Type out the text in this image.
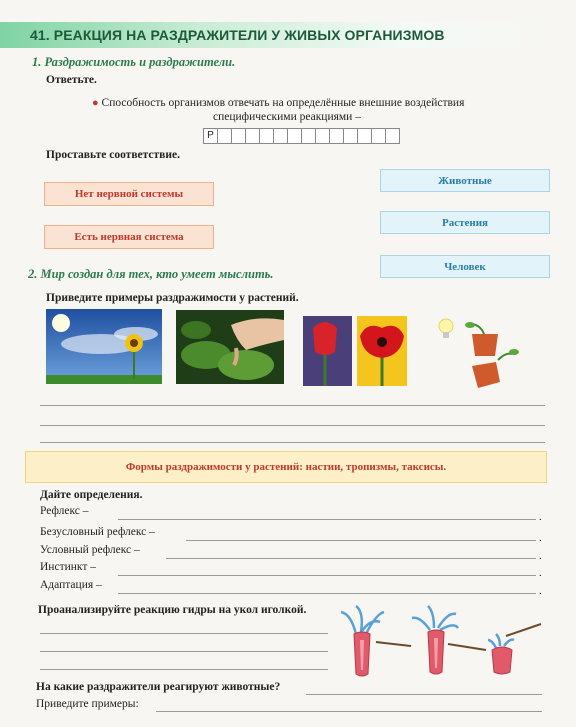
41. РЕАКЦИЯ НА РАЗДРАЖИТЕЛИ У ЖИВЫХ ОРГАНИЗМОВ
1. Раздражимость и раздражители.
Ответьте.
● Способность организмов отвечать на определённые внешние воздействия
специфическими реакциями –
Р
Проставьте соответствие.
Нет нервной системы
Есть нервная система
Животные
Растения
Человек
2. Мир создан для тех, кто умеет мыслить.
Приведите примеры раздражимости у растений.
Формы раздражимости у растений: настии, тропизмы, таксисы.
Дайте определения.
Рефлекс –	.
Безусловный рефлекс –	.
Условный рефлекс –	.
Инстинкт –	.
Адаптация –	.
Проанализируйте реакцию гидры на укол иголкой.
На какие раздражители реагируют животные?
Приведите примеры:
